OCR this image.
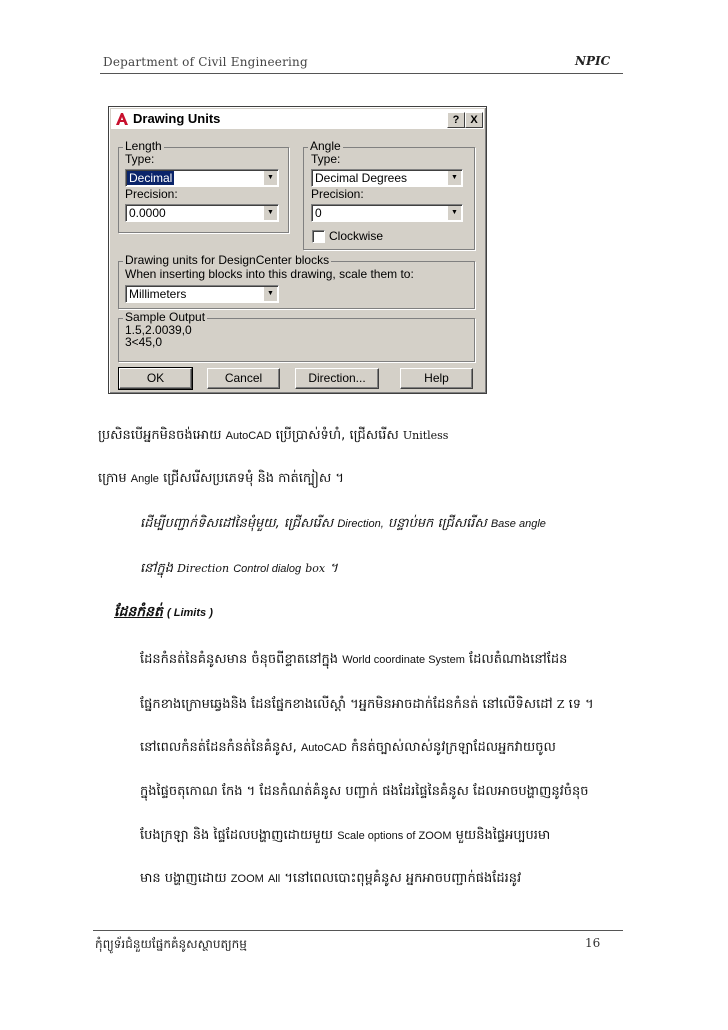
Department of Civil Engineering	NPIC
Drawing Units	? X
Length
Type:
Decimal	▼
Precision:
0.0000	▼
Angle
Type:
Decimal Degrees	▼
Precision:
0	▼
Clockwise
Drawing units for DesignCenter blocks
When inserting blocks into this drawing, scale them to:
Millimeters	▼
Sample Output
1.5,2.0039,0
3<45,0
OK	Cancel	Direction...	Help
ប្រសិនបើអ្នកមិនចង់អោយ AutoCAD ប្រើប្រាស់ទំហំ, ជ្រើសរើស Unitless
ក្រោម Angle ជ្រើសរើសប្រភេទមុំ និង កាត់ក្បៀស ។
ដើម្បីបញ្ជាក់ទិសដៅនៃមុំមួយ, ជ្រើសរើស Direction, បន្ទាប់មក ជ្រើសរើស Base angle
នៅក្នុង Direction Control dialog box ។
ដែនកំនត់ ( Limits )
ដែនកំនត់នៃគំនូសមាន ចំនុចពីខ្ទាតនៅក្នុង World coordinate System ដែលតំណាងនៅដែន
ផ្នែកខាងក្រោមឆ្វេងនិង ដែនផ្នែកខាងលើស្តាំ ។អ្នកមិនអាចដាក់ដែនកំនត់ នៅលើទិសដៅ Z ទេ ។
នៅពេលកំនត់ដែនកំនត់នៃគំនូស, AutoCAD កំនត់ច្បាស់លាស់នូវក្រឡាដែលអ្នកវាយចូល
ក្នុងផ្ទៃចតុកោណ កែង ។ ដែនកំណត់គំនូស បញ្ជាក់ ផងដែរផ្ទៃនៃគំនូស ដែលអាចបង្ហាញនូវចំនុច
បែងក្រឡា និង ផ្ទៃដែលបង្ហាញដោយមួយ Scale options of ZOOM មួយនិងផ្ទៃអប្បបរមា
មាន បង្ហាញដោយ ZOOM All ។នៅពេលបោះពុម្ពគំនូស អ្នកអាចបញ្ជាក់ផងដែរនូវ
កុំព្យូទ័រជំនួយផ្នែកគំនូសស្ថាបត្យកម្ម	16
